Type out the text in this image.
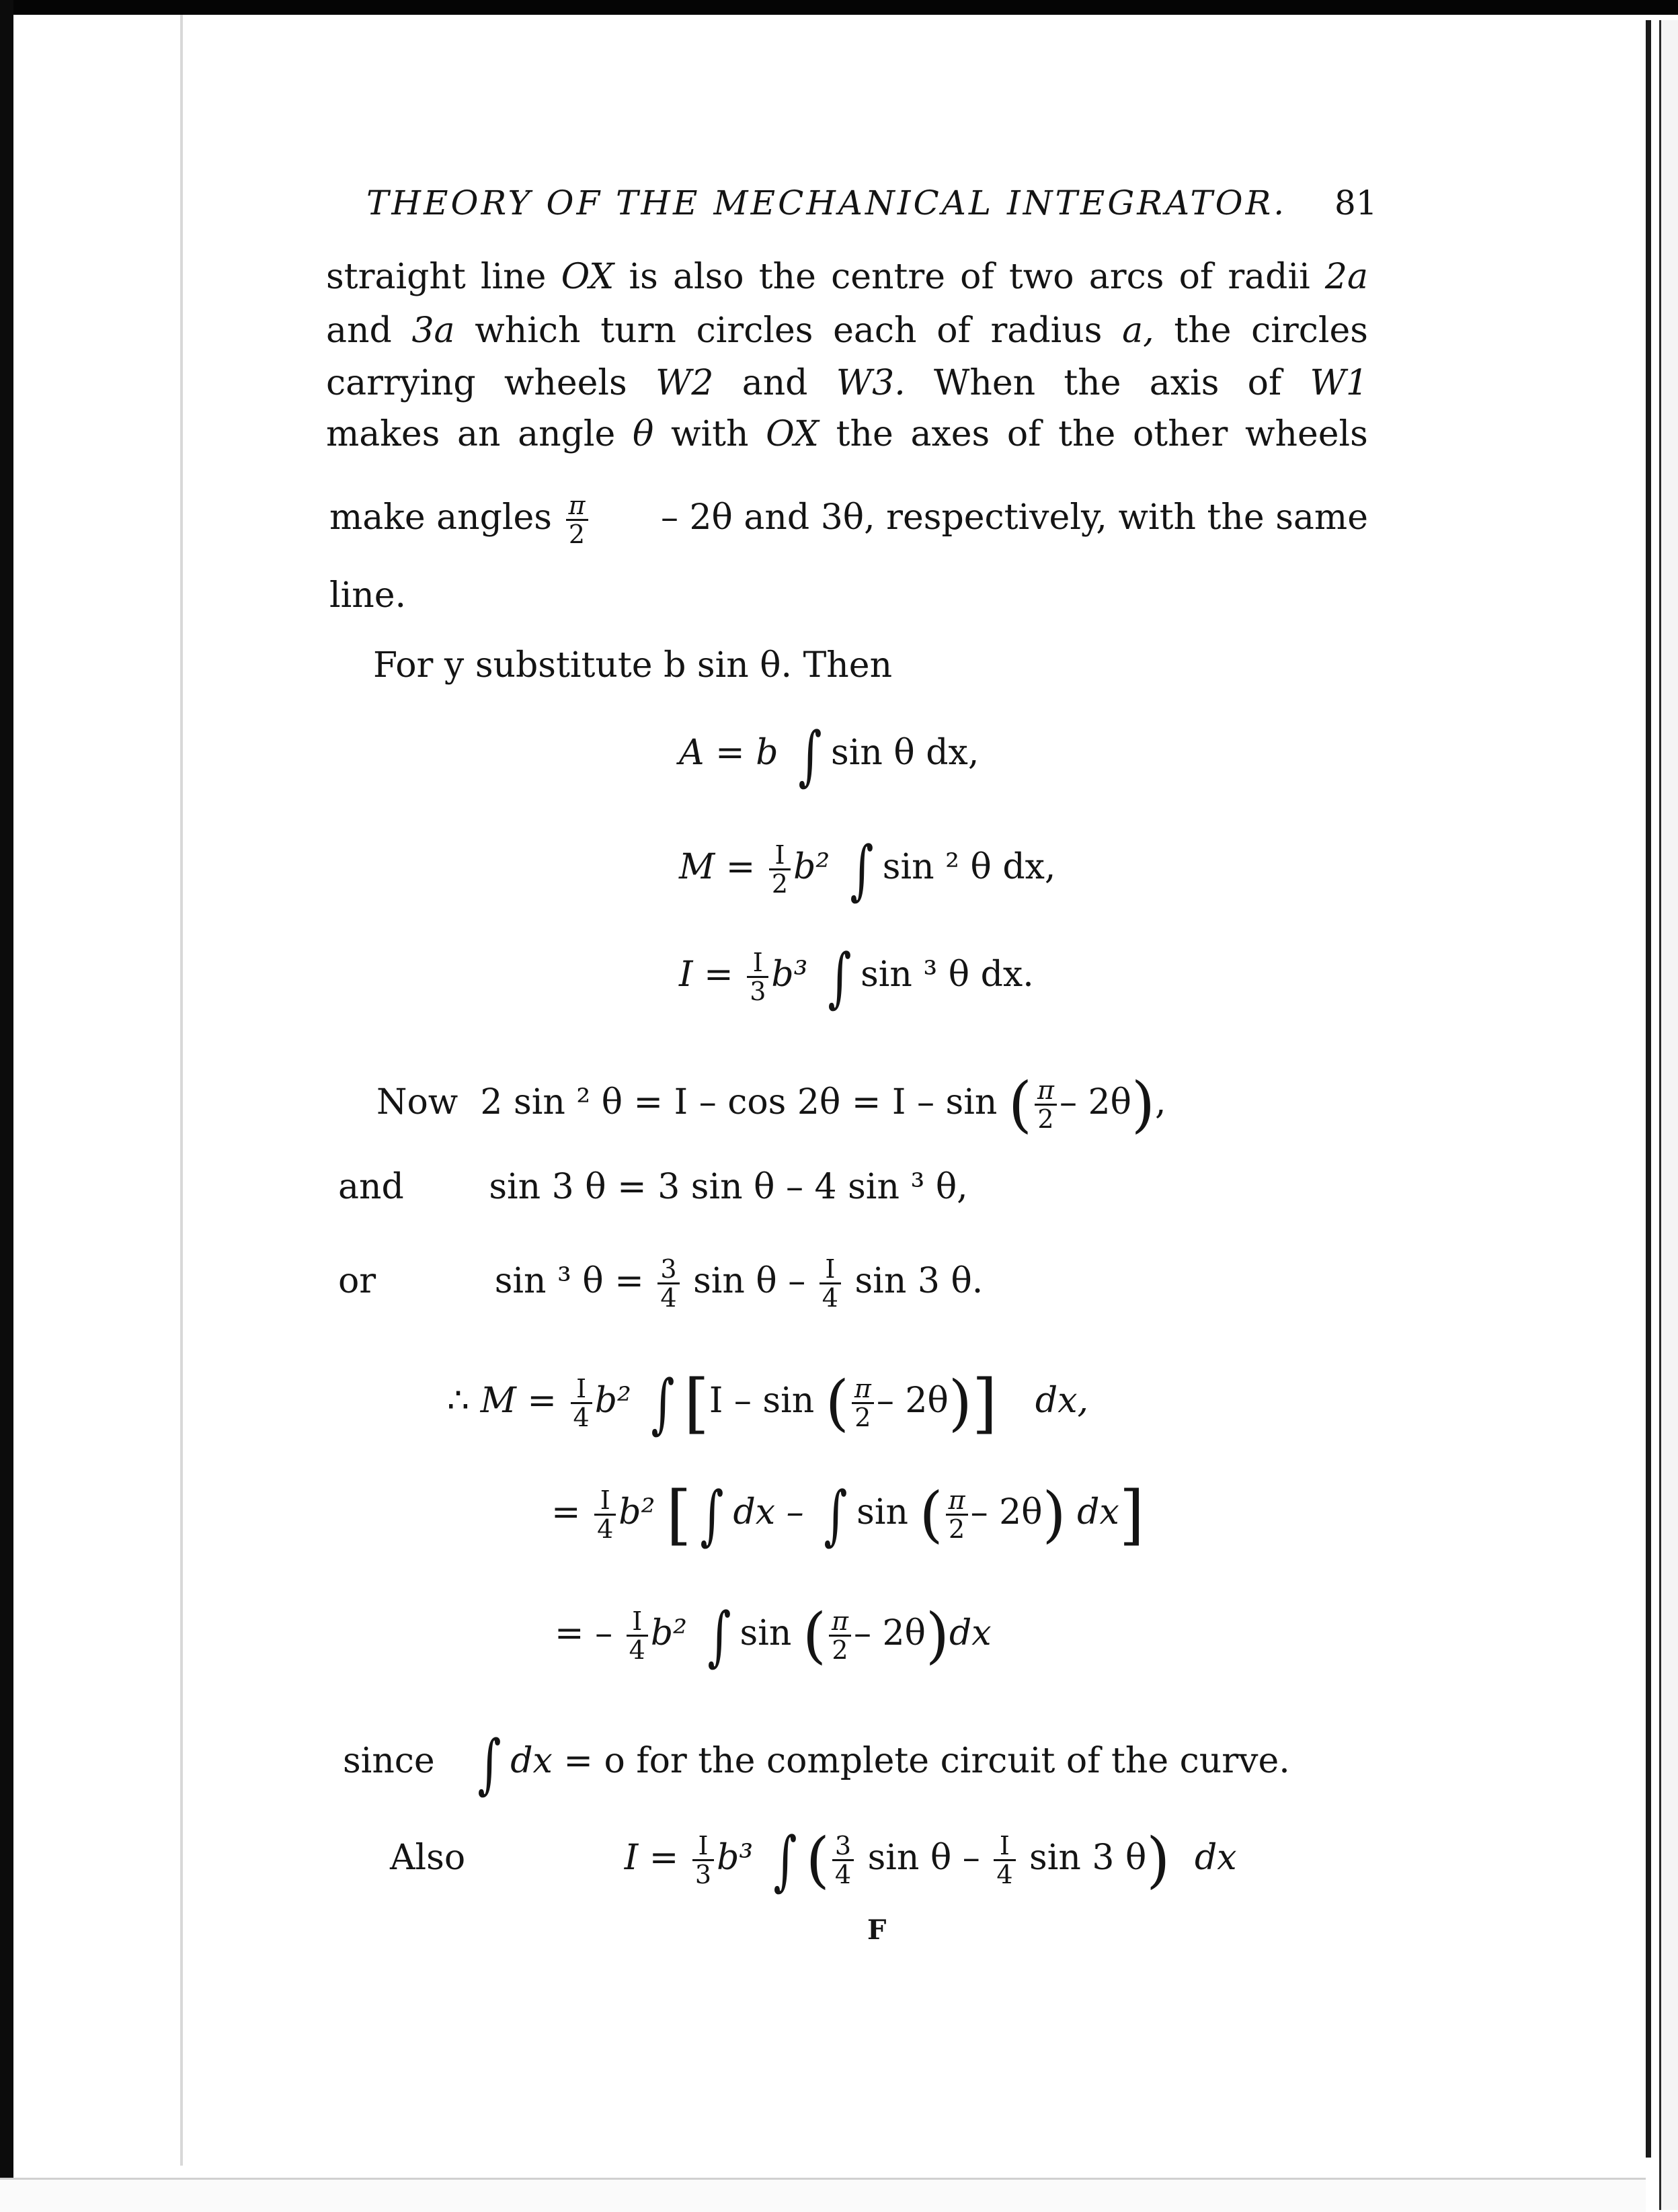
THEORY OF THE MECHANICAL INTEGRATOR.	81
straight line OX is also the centre of two arcs of radii 2a
and 3a which turn circles each of radius a, the circles
carrying wheels W2 and W3. When the axis of W1
makes an angle θ with OX the axes of the other wheels
make angles $\frac{\pi}{2} - 2\theta$ and 3θ, respectively, with the same
line.
For y substitute b sin θ. Then
A = b ∫ sin θ dx,
$M = \frac{I}{2} b^2$ ∫ sin ² θ dx,
$I = \frac{I}{3} b^3$ ∫ sin ³ θ dx.
Now 2 sin ² θ = I – cos 2θ = I – sin ( $\frac{\pi}{2} - 2\theta$),
and sin 3 θ = 3 sin θ – 4 sin ³ θ,
or	sin ³ $\theta = \frac{3}{4}$ sin θ – $\frac{I}{4}$ sin 3 θ.
∴ $M = \frac{I}{4} b^2$ ∫ [I – sin ( $\frac{\pi}{2} - 2\theta$)] dx,
= $\frac{I}{4} b^2$ [ ∫ dx – ∫ sin ( $\frac{\pi}{2} - 2\theta$) dx]
= – $\frac{I}{4} b^2$ ∫ sin ( $\frac{\pi}{2} - 2\theta)dx$
since ∫ dx = o for the complete circuit of the curve.
Also	$I = \frac{I}{3} b^3$ ∫ ( $\frac{3}{4}$ sin θ – $\frac{I}{4}$ sin 3 θ) dx
F
